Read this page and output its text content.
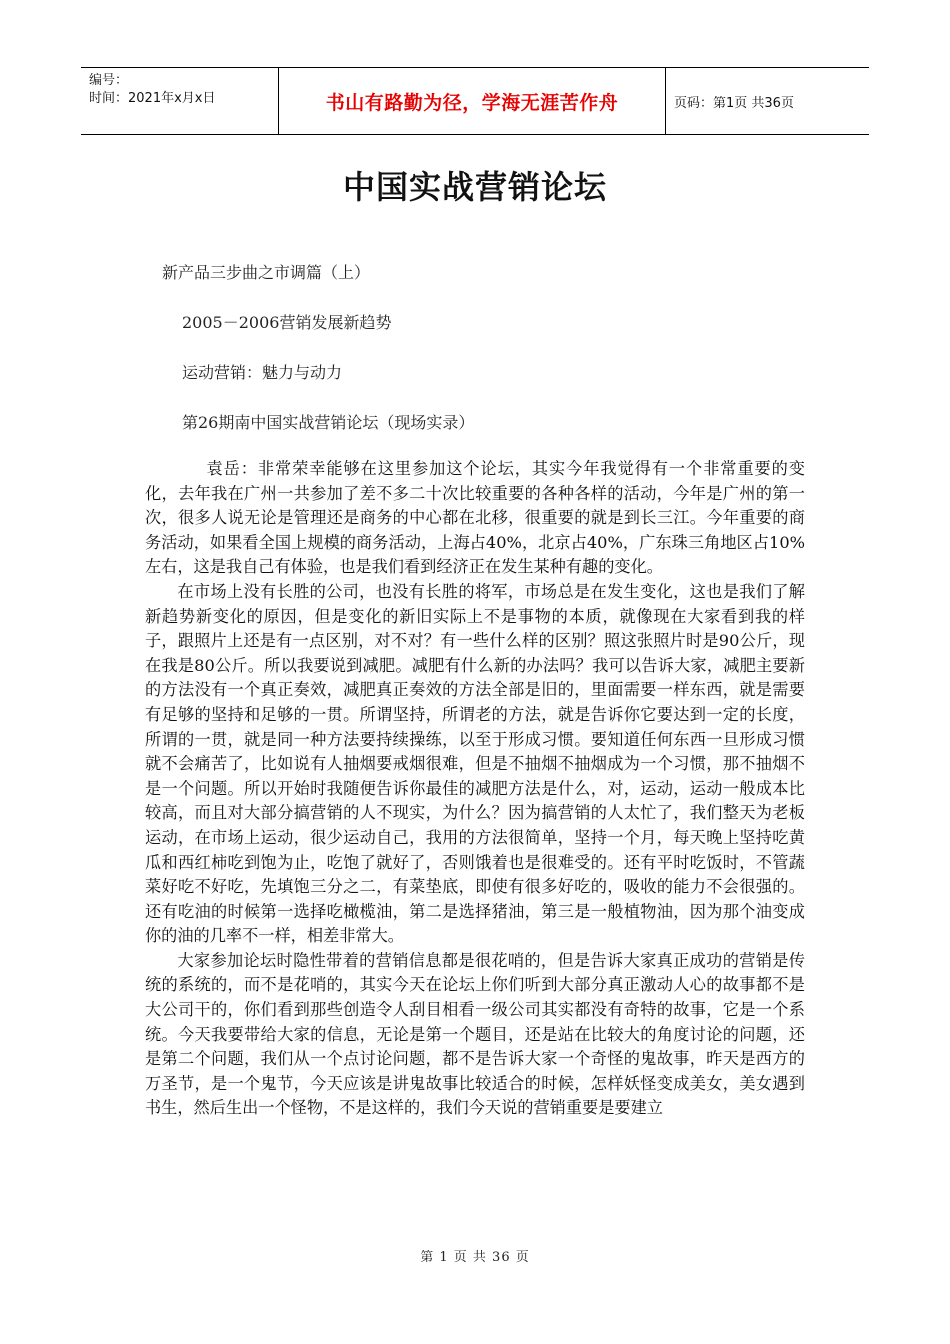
编号：
时间：2021年x月x日	书山有路勤为径，学海无涯苦作舟	页码：第1页 共36页
中国实战营销论坛
新产品三步曲之市调篇（上）
2005－2006营销发展新趋势
运动营销：魅力与动力
第26期南中国实战营销论坛（现场实录）

袁岳：非常荣幸能够在这里参加这个论坛，其实今年我觉得有一个非常重要的变化，去年我在广州一共参加了差不多二十次比较重要的各种各样的活动，今年是广州的第一次，很多人说无论是管理还是商务的中心都在北移，很重要的就是到长三江。今年重要的商务活动，如果看全国上规模的商务活动，上海占40%，北京占40%，广东珠三角地区占10%左右，这是我自己有体验，也是我们看到经济正在发生某种有趣的变化。

在市场上没有长胜的公司，也没有长胜的将军，市场总是在发生变化，这也是我们了解新趋势新变化的原因，但是变化的新旧实际上不是事物的本质，就像现在大家看到我的样子，跟照片上还是有一点区别，对不对？有一些什么样的区别？照这张照片时是90公斤，现在我是80公斤。所以我要说到减肥。减肥有什么新的办法吗？我可以告诉大家，减肥主要新的方法没有一个真正奏效，减肥真正奏效的方法全部是旧的，里面需要一样东西，就是需要有足够的坚持和足够的一贯。所谓坚持，所谓老的方法，就是告诉你它要达到一定的长度，所谓的一贯，就是同一种方法要持续操练，以至于形成习惯。要知道任何东西一旦形成习惯就不会痛苦了，比如说有人抽烟要戒烟很难，但是不抽烟不抽烟成为一个习惯，那不抽烟不是一个问题。所以开始时我随便告诉你最佳的减肥方法是什么，对，运动，运动一般成本比较高，而且对大部分搞营销的人不现实，为什么？因为搞营销的人太忙了，我们整天为老板运动，在市场上运动，很少运动自己，我用的方法很简单，坚持一个月，每天晚上坚持吃黄瓜和西红柿吃到饱为止，吃饱了就好了，否则饿着也是很难受的。还有平时吃饭时，不管蔬菜好吃不好吃，先填饱三分之二，有菜垫底，即使有很多好吃的，吸收的能力不会很强的。还有吃油的时候第一选择吃橄榄油，第二是选择猪油，第三是一般植物油，因为那个油变成你的油的几率不一样，相差非常大。

大家参加论坛时隐性带着的营销信息都是很花哨的，但是告诉大家真正成功的营销是传统的系统的，而不是花哨的，其实今天在论坛上你们听到大部分真正激动人心的故事都不是大公司干的，你们看到那些创造令人刮目相看一级公司其实都没有奇特的故事，它是一个系统。今天我要带给大家的信息，无论是第一个题目，还是站在比较大的角度讨论的问题，还是第二个问题，我们从一个点讨论问题，都不是告诉大家一个奇怪的鬼故事，昨天是西方的万圣节，是一个鬼节，今天应该是讲鬼故事比较适合的时候，怎样妖怪变成美女，美女遇到书生，然后生出一个怪物，不是这样的，我们今天说的营销重要是要建立

第 1 页 共 36 页
